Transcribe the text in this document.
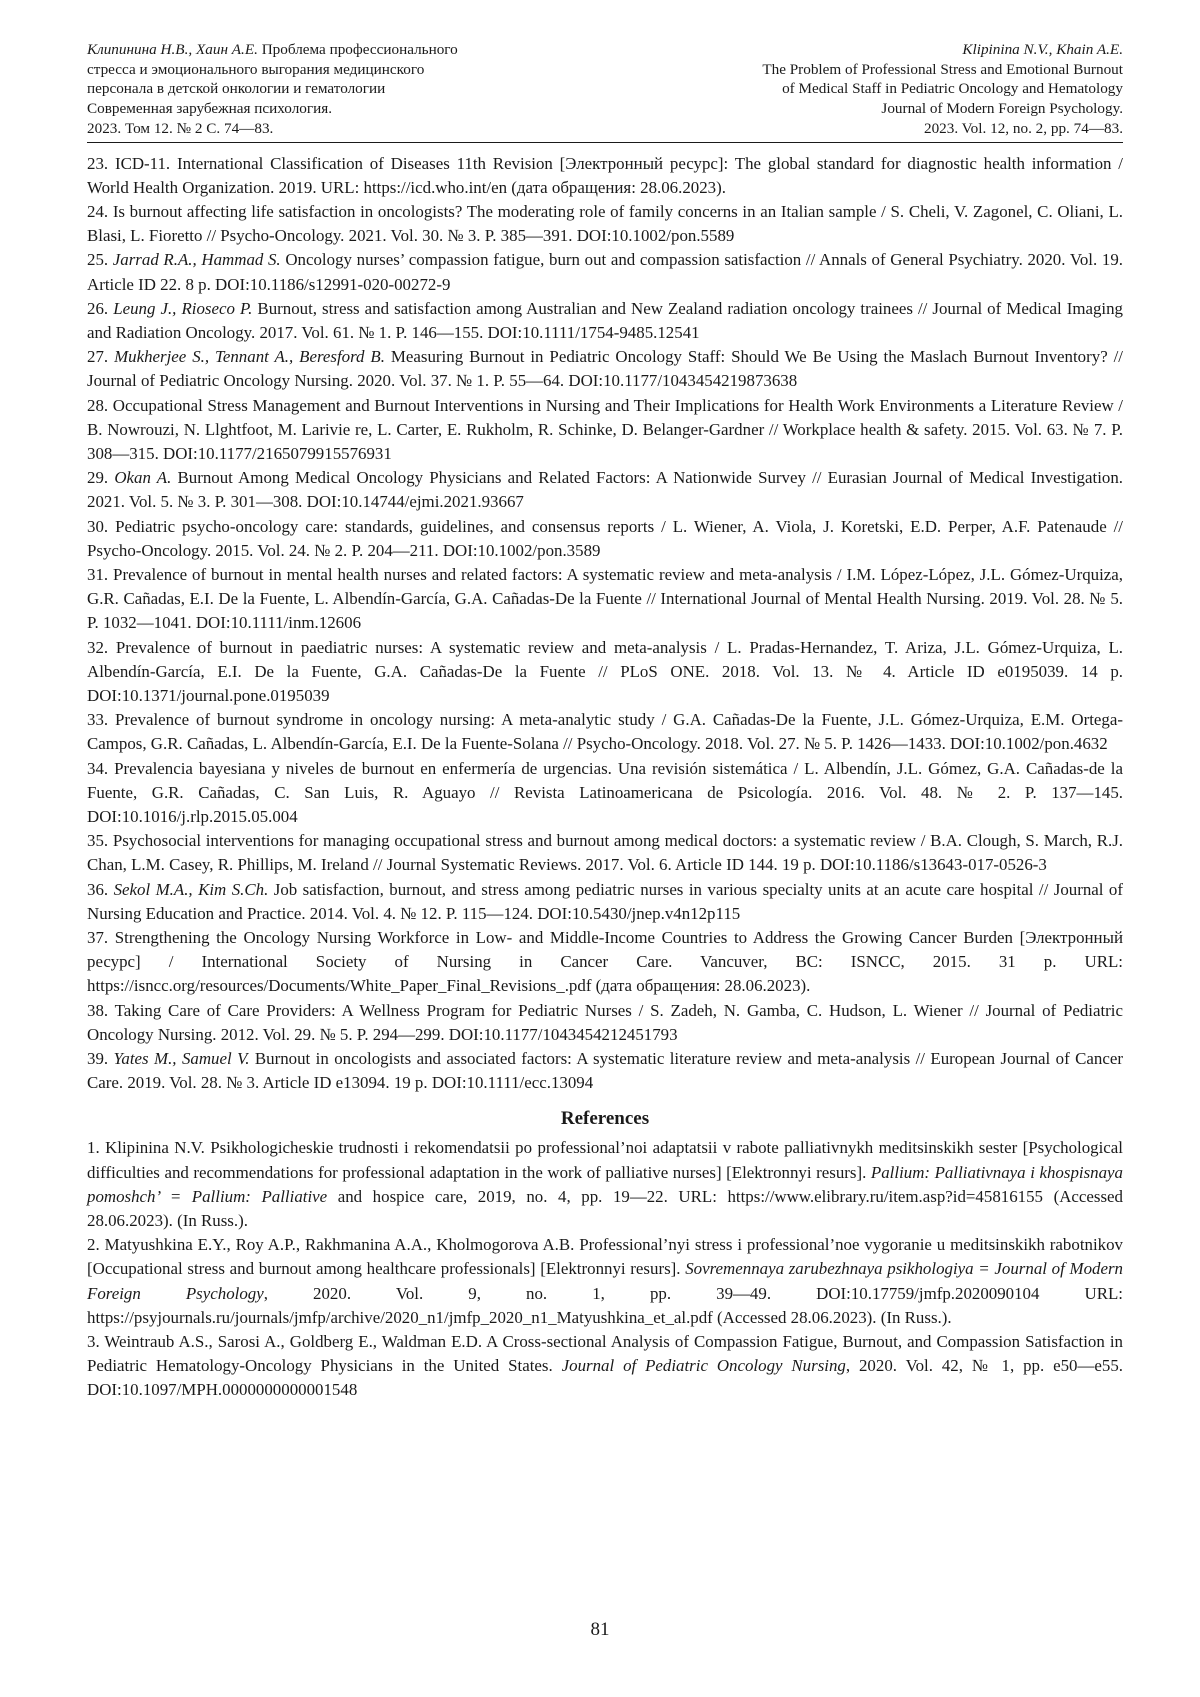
Клипинина Н.В., Хаин А.Е. Проблема профессионального
стресса и эмоционального выгорания медицинского
персонала в детской онкологии и гематологии
Современная зарубежная психология.
2023. Том 12. № 2 С. 74—83.
Klipinina N.V., Khain A.E.
The Problem of Professional Stress and Emotional Burnout
of Medical Staff in Pediatric Oncology and Hematology
Journal of Modern Foreign Psychology.
2023. Vol. 12, no. 2, pp. 74—83.

23. ICD-11. International Classification of Diseases 11th Revision [Электронный ресурс]: The global standard for diagnostic health information / World Health Organization. 2019. URL: https://icd.who.int/en (дата обращения: 28.06.2023).

24. Is burnout affecting life satisfaction in oncologists? The moderating role of family concerns in an Italian sample / S. Cheli, V. Zagonel, C. Oliani, L. Blasi, L. Fioretto // Psycho-Oncology. 2021. Vol. 30. № 3. P. 385—391. DOI:10.1002/pon.5589

25. Jarrad R.A., Hammad S. Oncology nurses’ compassion fatigue, burn out and compassion satisfaction // Annals of General Psychiatry. 2020. Vol. 19. Article ID 22. 8 p. DOI:10.1186/s12991-020-00272-9

26. Leung J., Rioseco P. Burnout, stress and satisfaction among Australian and New Zealand radiation oncology trainees // Journal of Medical Imaging and Radiation Oncology. 2017. Vol. 61. № 1. P. 146—155. DOI:10.1111/1754-9485.12541

27. Mukherjee S., Tennant A., Beresford B. Measuring Burnout in Pediatric Oncology Staff: Should We Be Using the Maslach Burnout Inventory? // Journal of Pediatric Oncology Nursing. 2020. Vol. 37. № 1. P. 55—64. DOI:10.1177/1043454219873638

28. Occupational Stress Management and Burnout Interventions in Nursing and Their Implications for Health Work Environments a Literature Review / B. Nowrouzi, N. Llghtfoot, M. Larivie re, L. Carter, E. Rukholm, R. Schinke, D. Belanger-Gardner // Workplace health & safety. 2015. Vol. 63. № 7. P. 308—315. DOI:10.1177/2165079915576931

29. Okan A. Burnout Among Medical Oncology Physicians and Related Factors: A Nationwide Survey // Eurasian Journal of Medical Investigation. 2021. Vol. 5. № 3. P. 301—308. DOI:10.14744/ejmi.2021.93667

30. Pediatric psycho-oncology care: standards, guidelines, and consensus reports / L. Wiener, A. Viola, J. Koretski, E.D. Perper, A.F. Patenaude // Psycho-Oncology. 2015. Vol. 24. № 2. P. 204—211. DOI:10.1002/pon.3589

31. Prevalence of burnout in mental health nurses and related factors: A systematic review and meta-analysis / I.M. López-López, J.L. Gómez-Urquiza, G.R. Cañadas, E.I. De la Fuente, L. Albendín-García, G.A. Cañadas-De la Fuente // International Journal of Mental Health Nursing. 2019. Vol. 28. № 5. P. 1032—1041. DOI:10.1111/inm.12606

32. Prevalence of burnout in paediatric nurses: A systematic review and meta-analysis / L. Pradas-Hernandez, T. Ariza, J.L. Gómez-Urquiza, L. Albendín-García, E.I. De la Fuente, G.A. Cañadas-De la Fuente // PLoS ONE. 2018. Vol. 13. № 4. Article ID e0195039. 14 p. DOI:10.1371/journal.pone.0195039

33. Prevalence of burnout syndrome in oncology nursing: A meta-analytic study / G.A. Cañadas-De la Fuente, J.L. Gómez-Urquiza, E.M. Ortega-Campos, G.R. Cañadas, L. Albendín-García, E.I. De la Fuente-Solana // Psycho-Oncology. 2018. Vol. 27. № 5. P. 1426—1433. DOI:10.1002/pon.4632

34. Prevalencia bayesiana y niveles de burnout en enfermería de urgencias. Una revisión sistemática / L. Albendín, J.L. Gómez, G.A. Cañadas-de la Fuente, G.R. Cañadas, C. San Luis, R. Aguayo // Revista Latinoamericana de Psicología. 2016. Vol. 48. № 2. P. 137—145. DOI:10.1016/j.rlp.2015.05.004

35. Psychosocial interventions for managing occupational stress and burnout among medical doctors: a systematic review / B.A. Clough, S. March, R.J. Chan, L.M. Casey, R. Phillips, M. Ireland // Journal Systematic Reviews. 2017. Vol. 6. Article ID 144. 19 p. DOI:10.1186/s13643-017-0526-3

36. Sekol M.A., Kim S.Ch. Job satisfaction, burnout, and stress among pediatric nurses in various specialty units at an acute care hospital // Journal of Nursing Education and Practice. 2014. Vol. 4. № 12. P. 115—124. DOI:10.5430/jnep.v4n12p115

37. Strengthening the Oncology Nursing Workforce in Low- and Middle-Income Countries to Address the Growing Cancer Burden [Электронный ресурс] / International Society of Nursing in Cancer Care. Vancuver, BC: ISNCC, 2015. 31 p. URL: https://isncc.org/resources/Documents/White_Paper_Final_Revisions_.pdf (дата обращения: 28.06.2023).

38. Taking Care of Care Providers: A Wellness Program for Pediatric Nurses / S. Zadeh, N. Gamba, C. Hudson, L. Wiener // Journal of Pediatric Oncology Nursing. 2012. Vol. 29. № 5. P. 294—299. DOI:10.1177/1043454212451793

39. Yates M., Samuel V. Burnout in oncologists and associated factors: A systematic literature review and meta-analysis // European Journal of Cancer Care. 2019. Vol. 28. № 3. Article ID e13094. 19 p. DOI:10.1111/ecc.13094

References

1. Klipinina N.V. Psikhologicheskie trudnosti i rekomendatsii po professional’noi adaptatsii v rabote palliativnykh meditsinskikh sester [Psychological difficulties and recommendations for professional adaptation in the work of palliative nurses] [Elektronnyi resurs]. Pallium: Palliativnaya i khospisnaya pomoshch’ = Pallium: Palliative and hospice care, 2019, no. 4, pp. 19—22. URL: https://www.elibrary.ru/item.asp?id=45816155 (Accessed 28.06.2023). (In Russ.).

2. Matyushkina E.Y., Roy A.P., Rakhmanina A.A., Kholmogorova A.B. Professional’nyi stress i professional’noe vygoranie u meditsinskikh rabotnikov [Occupational stress and burnout among healthcare professionals] [Elektronnyi resurs]. Sovremennaya zarubezhnaya psikhologiya = Journal of Modern Foreign Psychology, 2020. Vol. 9, no. 1, pp. 39—49. DOI:10.17759/jmfp.2020090104 URL: https://psyjournals.ru/journals/jmfp/archive/2020_n1/jmfp_2020_n1_Matyushkina_et_al.pdf (Accessed 28.06.2023). (In Russ.).

3. Weintraub A.S., Sarosi A., Goldberg E., Waldman E.D. A Cross-sectional Analysis of Compassion Fatigue, Burnout, and Compassion Satisfaction in Pediatric Hematology-Oncology Physicians in the United States. Journal of Pediatric Oncology Nursing, 2020. Vol. 42, № 1, pp. e50—e55. DOI:10.1097/MPH.0000000000001548

81
